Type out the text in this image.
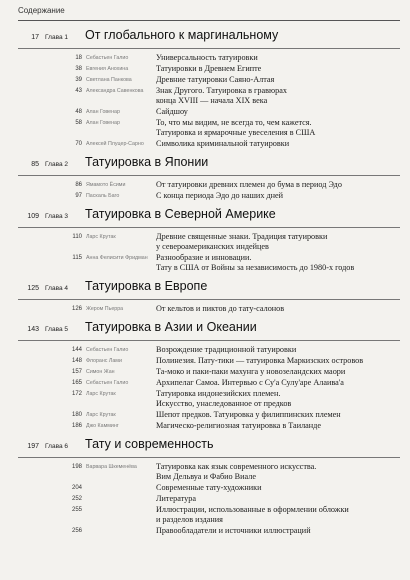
Содержание
17 Глава 1	От глобального к маргинальному
18 Себастьен Галио	Универсальность татуировки
38 Евгения Анохина	Татуировки в Древнем Египте
39 Светлана Панкова	Древние татуировки Саяно-Алтая
43 Александра Савенкова	Знак Другого. Татуировка в гравюрах
конца XVIII — начала XIX века
48 Алан Говенар	Сайдшоу
58 Алан Говенар	То, что мы видим, не всегда то, чем кажется.
Татуировка и ярмарочные увеселения в США
70 Алексей Плуцер-Сарно	Символика криминальной татуировки
85 Глава 2	Татуировка в Японии
86 Ямамото Ёсими	От татуировки древних племен до бума в период Эдо
97 Паскаль Баго	С конца периода Эдо до наших дней
109 Глава 3	Татуировка в Северной Америке
110 Ларс Крутак	Древние священные знаки. Традиция татуировки
у североамериканских индейцев
115 Анна Фелисити Фридман	Разнообразие и инновации.
Тату в США от Войны за независимость до 1980-х годов
125 Глава 4	Татуировка в Европе
126 Жером Пьерра	От кельтов и пиктов до тату-салонов
143 Глава 5	Татуировка в Азии и Океании
144 Себастьен Галио	Возрождение традиционной татуировки
148 Флоранс Лами	Полинезия. Пату-тики — татуировка Маркизских островов
157 Симон Жан	Та-моко и паки-паки махунга у новозеландских маори
165 Себастьен Галио	Архипелаг Самоа. Интервью с Су'а Сулу'ape Алаива'а
172 Ларс Крутак	Татуировка индонезийских племен.
Искусство, унаследованное от предков
180 Ларс Крутак	Шепот предков. Татуировка у филиппинских племен
186 Джо Камминг	Магическо-религиозная татуировка в Таиланде
197 Глава 6	Тату и современность
198 Варвара Шкеменёва	Татуировка как язык современного искусства.
Вим Дельвуа и Фабио Виале
204	Современные тату-художники
252	Литература
255	Иллюстрации, использованные в оформлении обложки
и разделов издания
256	Правообладатели и источники иллюстраций
